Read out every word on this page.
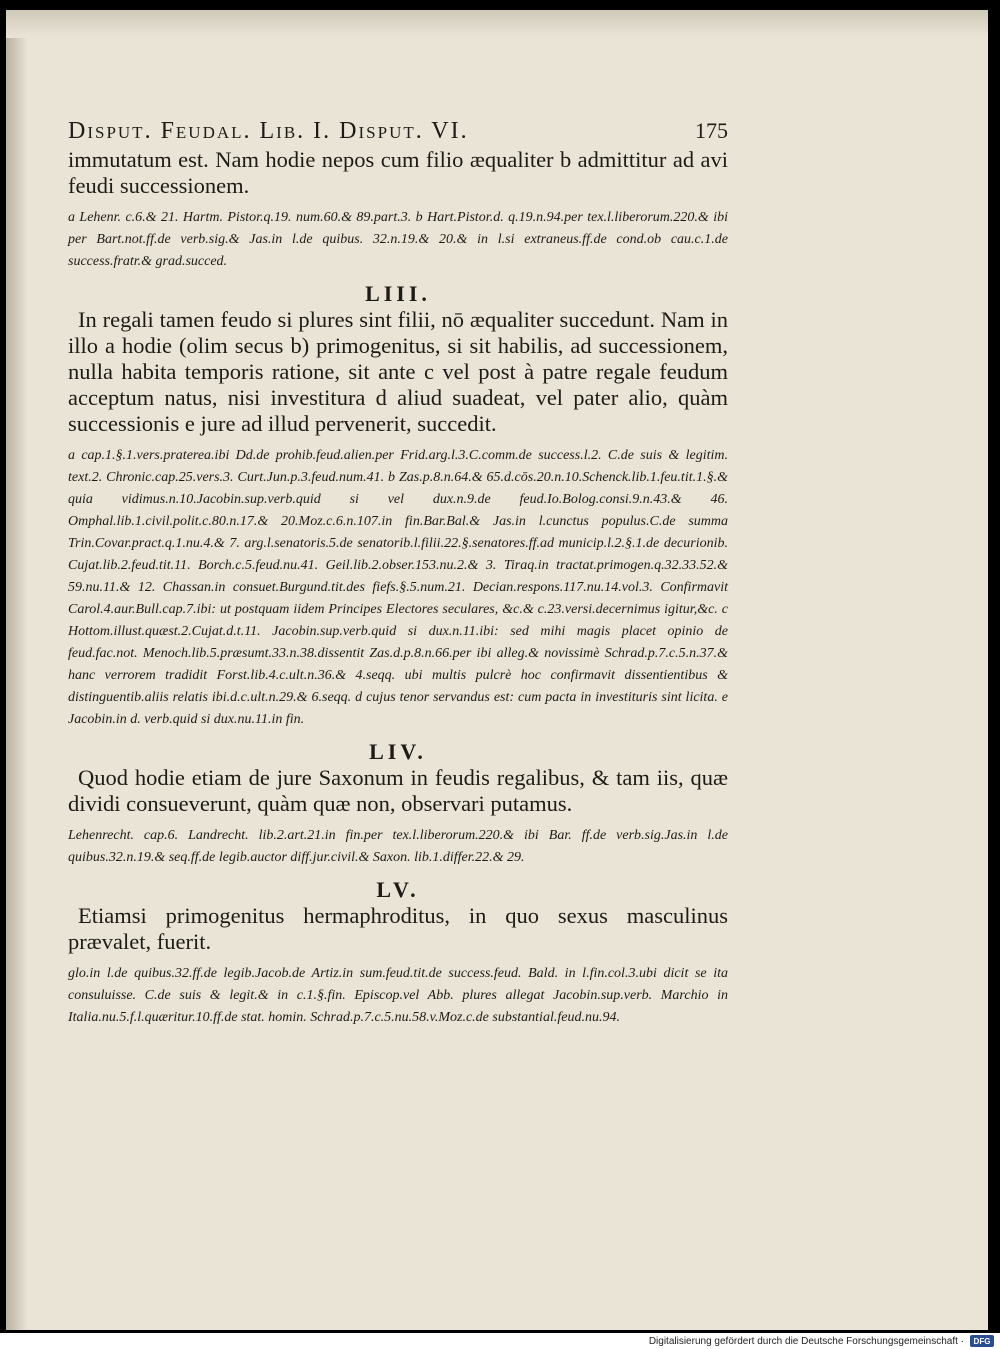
Disput. Feudal. Lib. I. Disput. VI.	175

immutatum est. Nam hodie nepos cum filio æqualiter b admittitur ad avi feudi successionem.

a Lehenr. c.6.& 21. Hartm. Pistor.q.19. num.60.& 89.part.3. b Hart.Pistor.d. q.19.n.94.per tex.l.liberorum.220.& ibi per Bart.not.ff.de verb.sig.& Jas.in l.de quibus. 32.n.19.& 20.& in l.si extraneus.ff.de cond.ob cau.c.1.de success.fratr.& grad.succed.

LIII.

In regali tamen feudo si plures sint filii, nō æqualiter succedunt. Nam in illo a hodie (olim secus b) primogenitus, si sit habilis, ad successionem, nulla habita temporis ratione, sit ante c vel post à patre regale feudum acceptum natus, nisi investitura d aliud suadeat, vel pater alio, quàm successionis e jure ad illud pervenerit, succedit.

a cap.1.§.1.vers.praterea.ibi Dd.de prohib.feud.alien.per Frid.arg.l.3.C.comm.de success.l.2. C.de suis & legitim. text.2. Chronic.cap.25.vers.3. Curt.Jun.p.3.feud.num.41. b Zas.p.8.n.64.& 65.d.cōs.20.n.10.Schenck.lib.1.feu.tit.1.§.& quia vidimus.n.10.Jacobin.sup.verb.quid si vel dux.n.9.de feud.Io.Bolog.consi.9.n.43.& 46. Omphal.lib.1.civil.polit.c.80.n.17.& 20.Moz.c.6.n.107.in fin.Bar.Bal.& Jas.in l.cunctus populus.C.de summa Trin.Covar.pract.q.1.nu.4.& 7. arg.l.senatoris.5.de senatorib.l.filii.22.§.senatores.ff.ad municip.l.2.§.1.de decurionib. Cujat.lib.2.feud.tit.11. Borch.c.5.feud.nu.41. Geil.lib.2.obser.153.nu.2.& 3. Tiraq.in tractat.primogen.q.32.33.52.& 59.nu.11.& 12. Chassan.in consuet.Burgund.tit.des fiefs.§.5.num.21. Decian.respons.117.nu.14.vol.3. Confirmavit Carol.4.aur.Bull.cap.7.ibi: ut postquam iidem Principes Electores seculares, &c.& c.23.versi.decernimus igitur,&c. c Hottom.illust.quæst.2.Cujat.d.t.11. Jacobin.sup.verb.quid si dux.n.11.ibi: sed mihi magis placet opinio de feud.fac.not. Menoch.lib.5.præsumt.33.n.38.dissentit Zas.d.p.8.n.66.per ibi alleg.& novissimè Schrad.p.7.c.5.n.37.& hanc verrorem tradidit Forst.lib.4.c.ult.n.36.& 4.seqq. ubi multis pulcrè hoc confirmavit dissentientibus & distinguentib.aliis relatis ibi.d.c.ult.n.29.& 6.seqq. d cujus tenor servandus est: cum pacta in investituris sint licita. e Jacobin.in d. verb.quid si dux.nu.11.in fin.

LIV.

Quod hodie etiam de jure Saxonum in feudis regalibus, & tam iis, quæ dividi consueverunt, quàm quæ non, observari putamus.

Lehenrecht. cap.6. Landrecht. lib.2.art.21.in fin.per tex.l.liberorum.220.& ibi Bar. ff.de verb.sig.Jas.in l.de quibus.32.n.19.& seq.ff.de legib.auctor diff.jur.civil.& Saxon. lib.1.differ.22.& 29.

LV.

Etiamsi primogenitus hermaphroditus, in quo sexus masculinus prævalet, fuerit.

glo.in l.de quibus.32.ff.de legib.Jacob.de Artiz.in sum.feud.tit.de success.feud. Bald. in l.fin.col.3.ubi dicit se ita consuluisse. C.de suis & legit.& in c.1.§.fin. Episcop.vel Abb. plures allegat Jacobin.sup.verb. Marchio in Italia.nu.5.f.l.quæritur.10.ff.de stat. homin. Schrad.p.7.c.5.nu.58.v.Moz.c.de substantial.feud.nu.94.

Digitalisierung gefördert durch die Deutsche Forschungsgemeinschaft ·	DFG
